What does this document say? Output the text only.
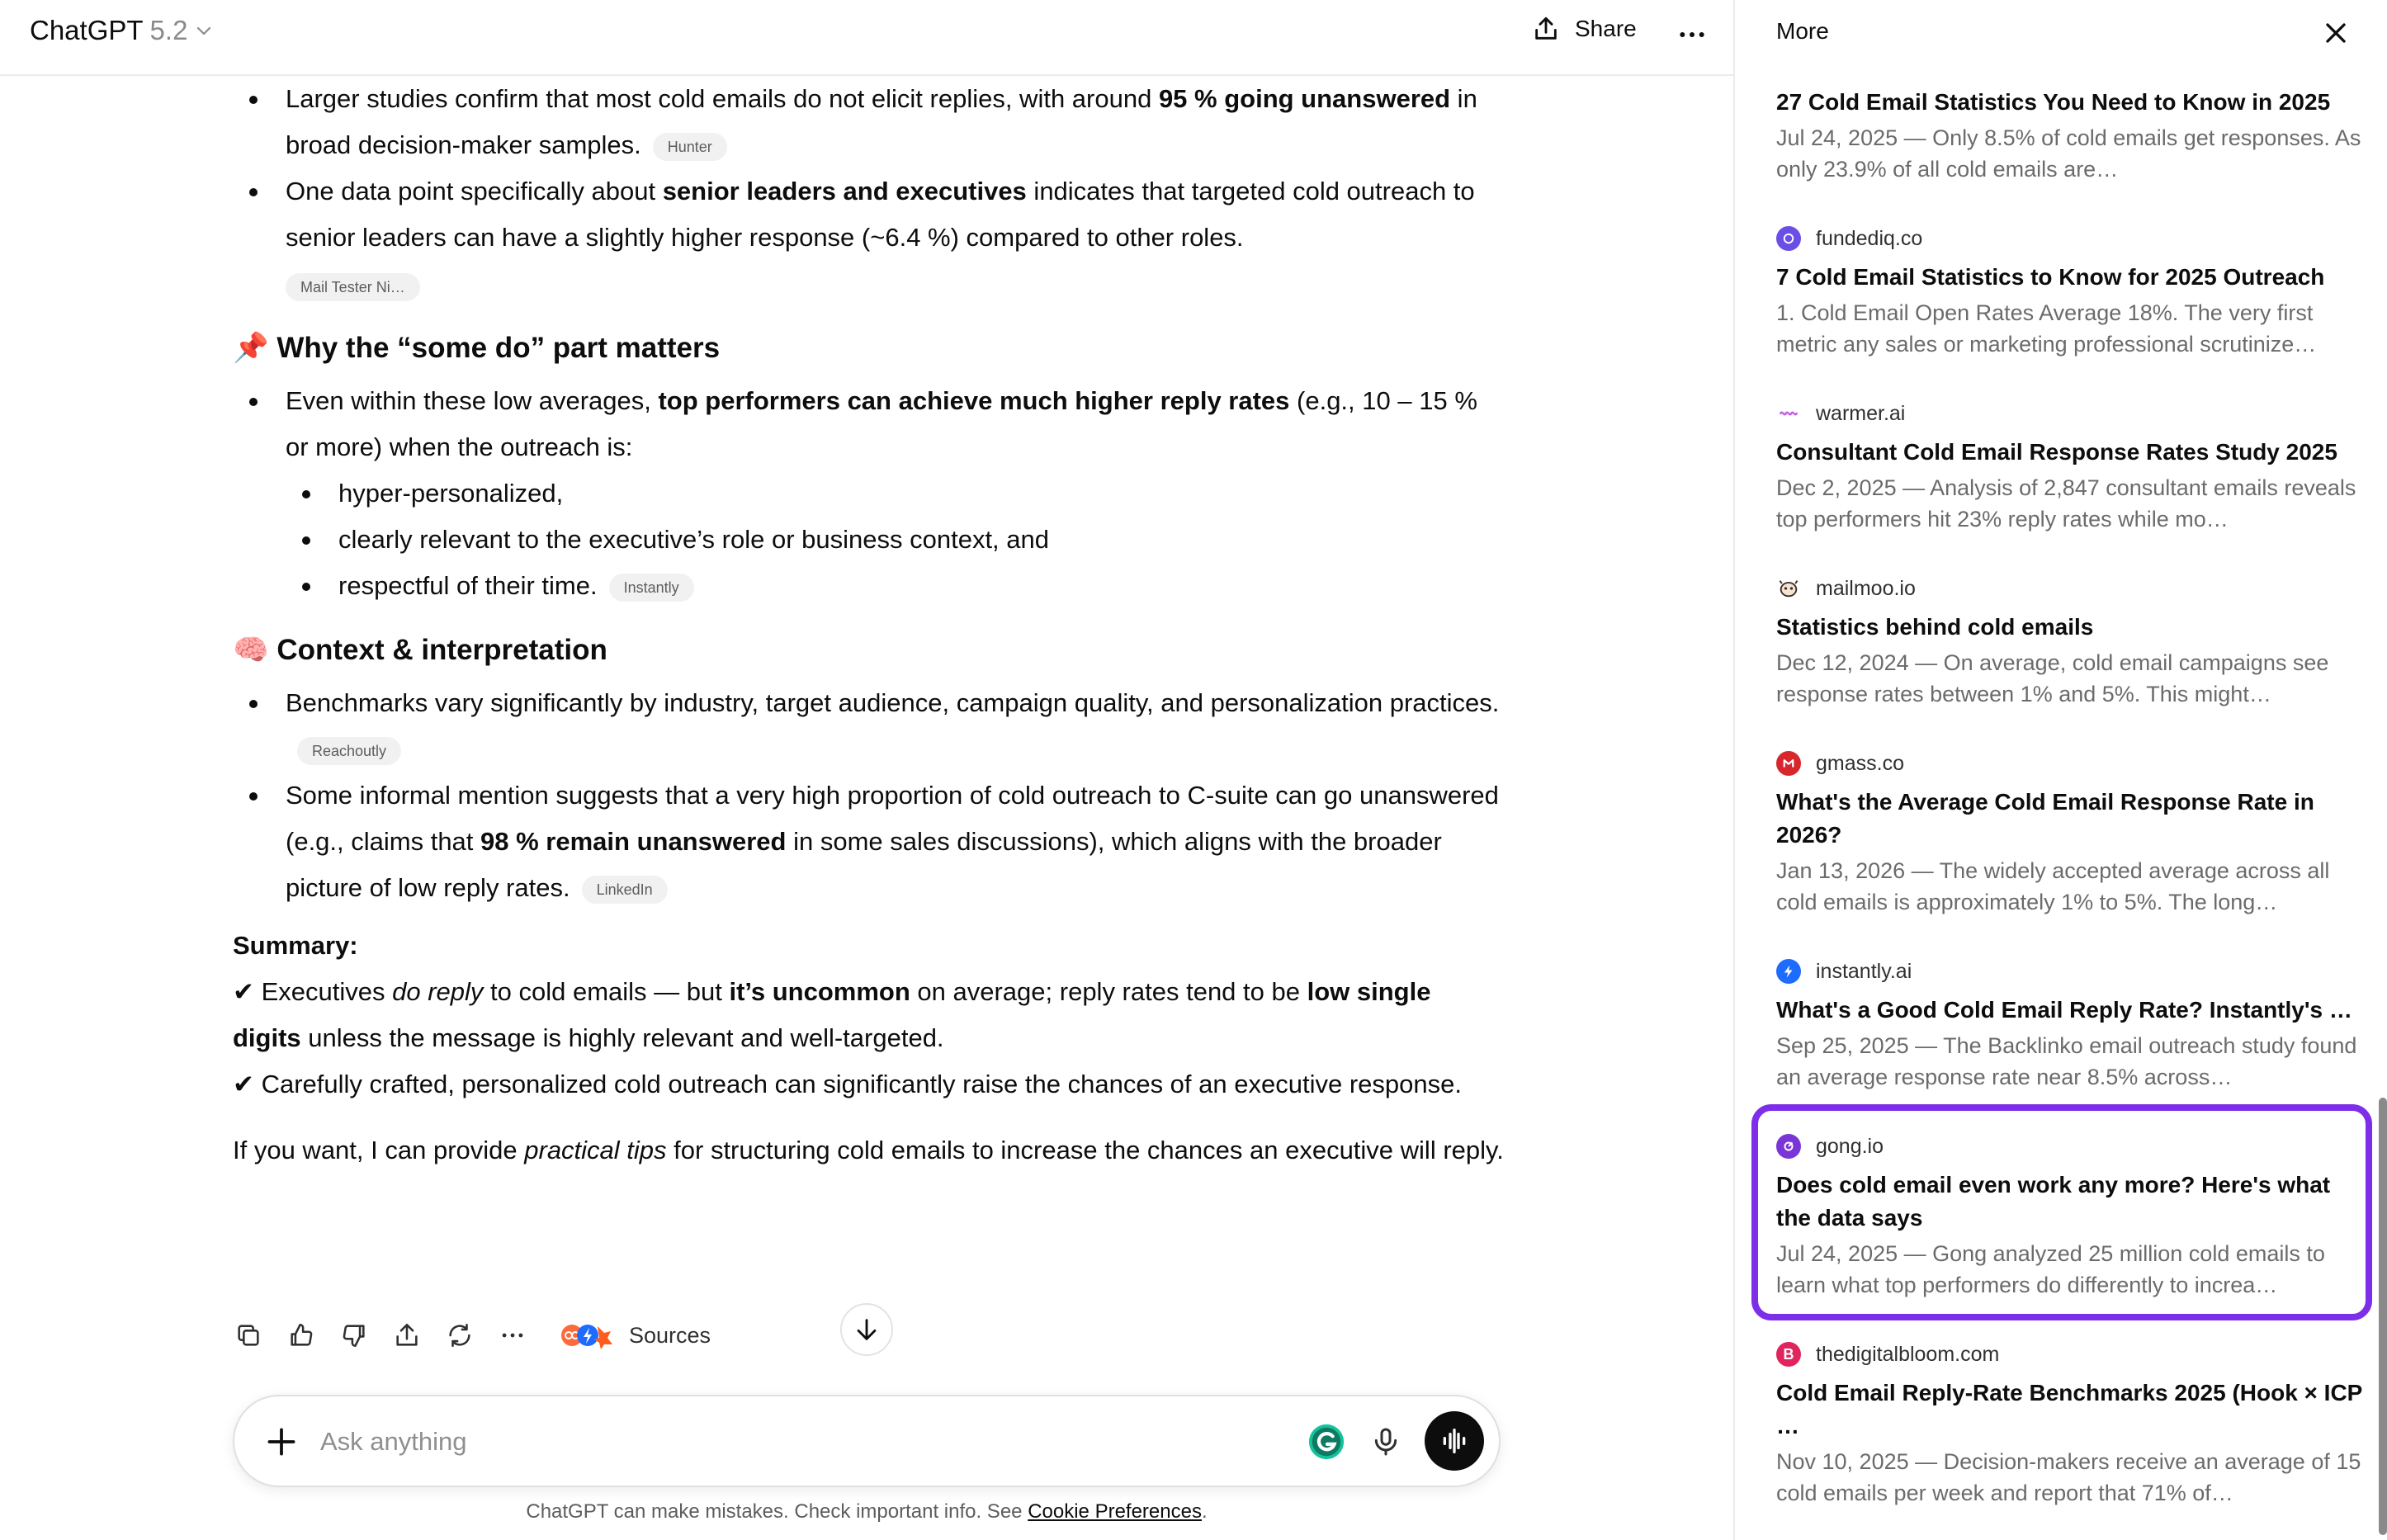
ChatGPT 5.2	Share
Larger studies confirm that most cold emails do not elicit replies, with around 95 % going unanswered in broad decision-maker samples. Hunter
One data point specifically about senior leaders and executives indicates that targeted cold outreach to senior leaders can have a slightly higher response (~6.4 %) compared to other roles.
Mail Tester Ni…
📌 Why the “some do” part matters
Even within these low averages, top performers can achieve much higher reply rates (e.g., 10 – 15 % or more) when the outreach is:
hyper-personalized,
clearly relevant to the executive’s role or business context, and
respectful of their time. Instantly
🧠 Context & interpretation
Benchmarks vary significantly by industry, target audience, campaign quality, and personalization practices.Reachoutly
Some informal mention suggests that a very high proportion of cold outreach to C-suite can go unanswered (e.g., claims that 98 % remain unanswered in some sales discussions), which aligns with the broader picture of low reply rates. LinkedIn
Summary:
✔ Executives do reply to cold emails — but it’s uncommon on average; reply rates tend to be low single digits unless the message is highly relevant and well-targeted.
✔ Carefully crafted, personalized cold outreach can significantly raise the chances of an executive response.
If you want, I can provide practical tips for structuring cold emails to increase the chances an executive will reply.
Sources
Ask anything
ChatGPT can make mistakes. Check important info. See Cookie Preferences.
More
27 Cold Email Statistics You Need to Know in 2025
Jul 24, 2025 — Only 8.5% of cold emails get responses. As only 23.9% of all cold emails are…
fundediq.co
7 Cold Email Statistics to Know for 2025 Outreach
1. Cold Email Open Rates Average 18%. The very first metric any sales or marketing professional scrutinize…
warmer.ai
Consultant Cold Email Response Rates Study 2025
Dec 2, 2025 — Analysis of 2,847 consultant emails reveals top performers hit 23% reply rates while mo…
mailmoo.io
Statistics behind cold emails
Dec 12, 2024 — On average, cold email campaigns see response rates between 1% and 5%. This might…
gmass.co
What's the Average Cold Email Response Rate in 2026?
Jan 13, 2026 — The widely accepted average across all cold emails is approximately 1% to 5%. The long…
instantly.ai
What's a Good Cold Email Reply Rate? Instantly's …
Sep 25, 2025 — The Backlinko email outreach study found an average response rate near 8.5% across…
gong.io
Does cold email even work any more? Here's what the data says
Jul 24, 2025 — Gong analyzed 25 million cold emails to learn what top performers do differently to increa…
B	thedigitalbloom.com
Cold Email Reply-Rate Benchmarks 2025 (Hook × ICP …
Nov 10, 2025 — Decision-makers receive an average of 15 cold emails per week and report that 71% of…
